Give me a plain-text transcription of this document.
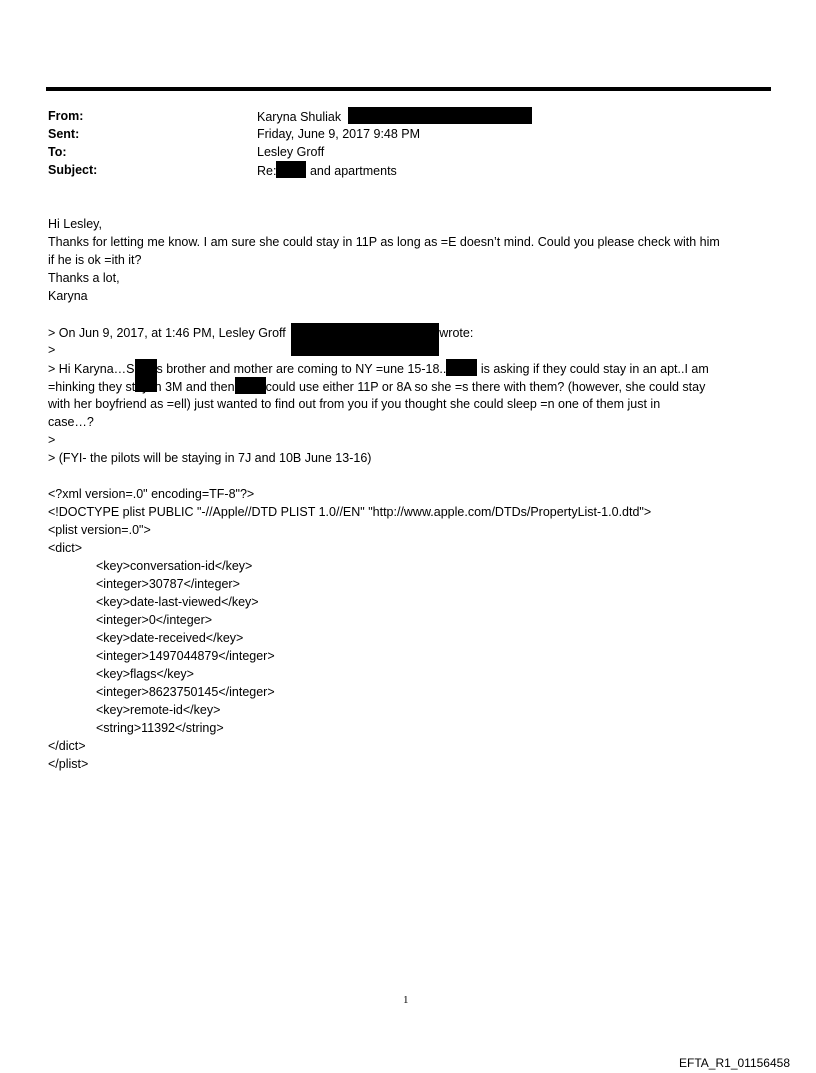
From:	Karyna Shuliak
Sent:	Friday, June 9, 2017 9:48 PM
To:	Lesley Groff
Subject:	Re:	and apartments
Hi Lesley,
Thanks for letting me know. I am sure she could stay in 11P as long as =E doesn’t mind. Could you please check with him
if he is ok =ith it?
Thanks a lot,
Karyna
> On Jun 9, 2017, at 1:46 PM, Lesley Groff	wrote:
>
> Hi Karyna…S s brother and mother are coming to NY =une 15-18..	is asking if they could stay in an apt..I am
=hinking they stay in 3M and then could use either 11P or 8A so she =s there with them? (however, she could stay
with her boyfriend as =ell) just wanted to find out from you if you thought she could sleep =n one of them just in
case…?
>
> (FYI- the pilots will be staying in 7J and 10B June 13-16)
<?xml version=.0" encoding=TF-8"?>
<!DOCTYPE plist PUBLIC "-//Apple//DTD PLIST 1.0//EN" "http://www.apple.com/DTDs/PropertyList-1.0.dtd">
<plist version=.0">
<dict>
<key>conversation-id</key>
<integer>30787</integer>
<key>date-last-viewed</key>
<integer>0</integer>
<key>date-received</key>
<integer>1497044879</integer>
<key>flags</key>
<integer>8623750145</integer>
<key>remote-id</key>
<string>11392</string>
</dict>
</plist>
1
EFTA_R1_01156458
